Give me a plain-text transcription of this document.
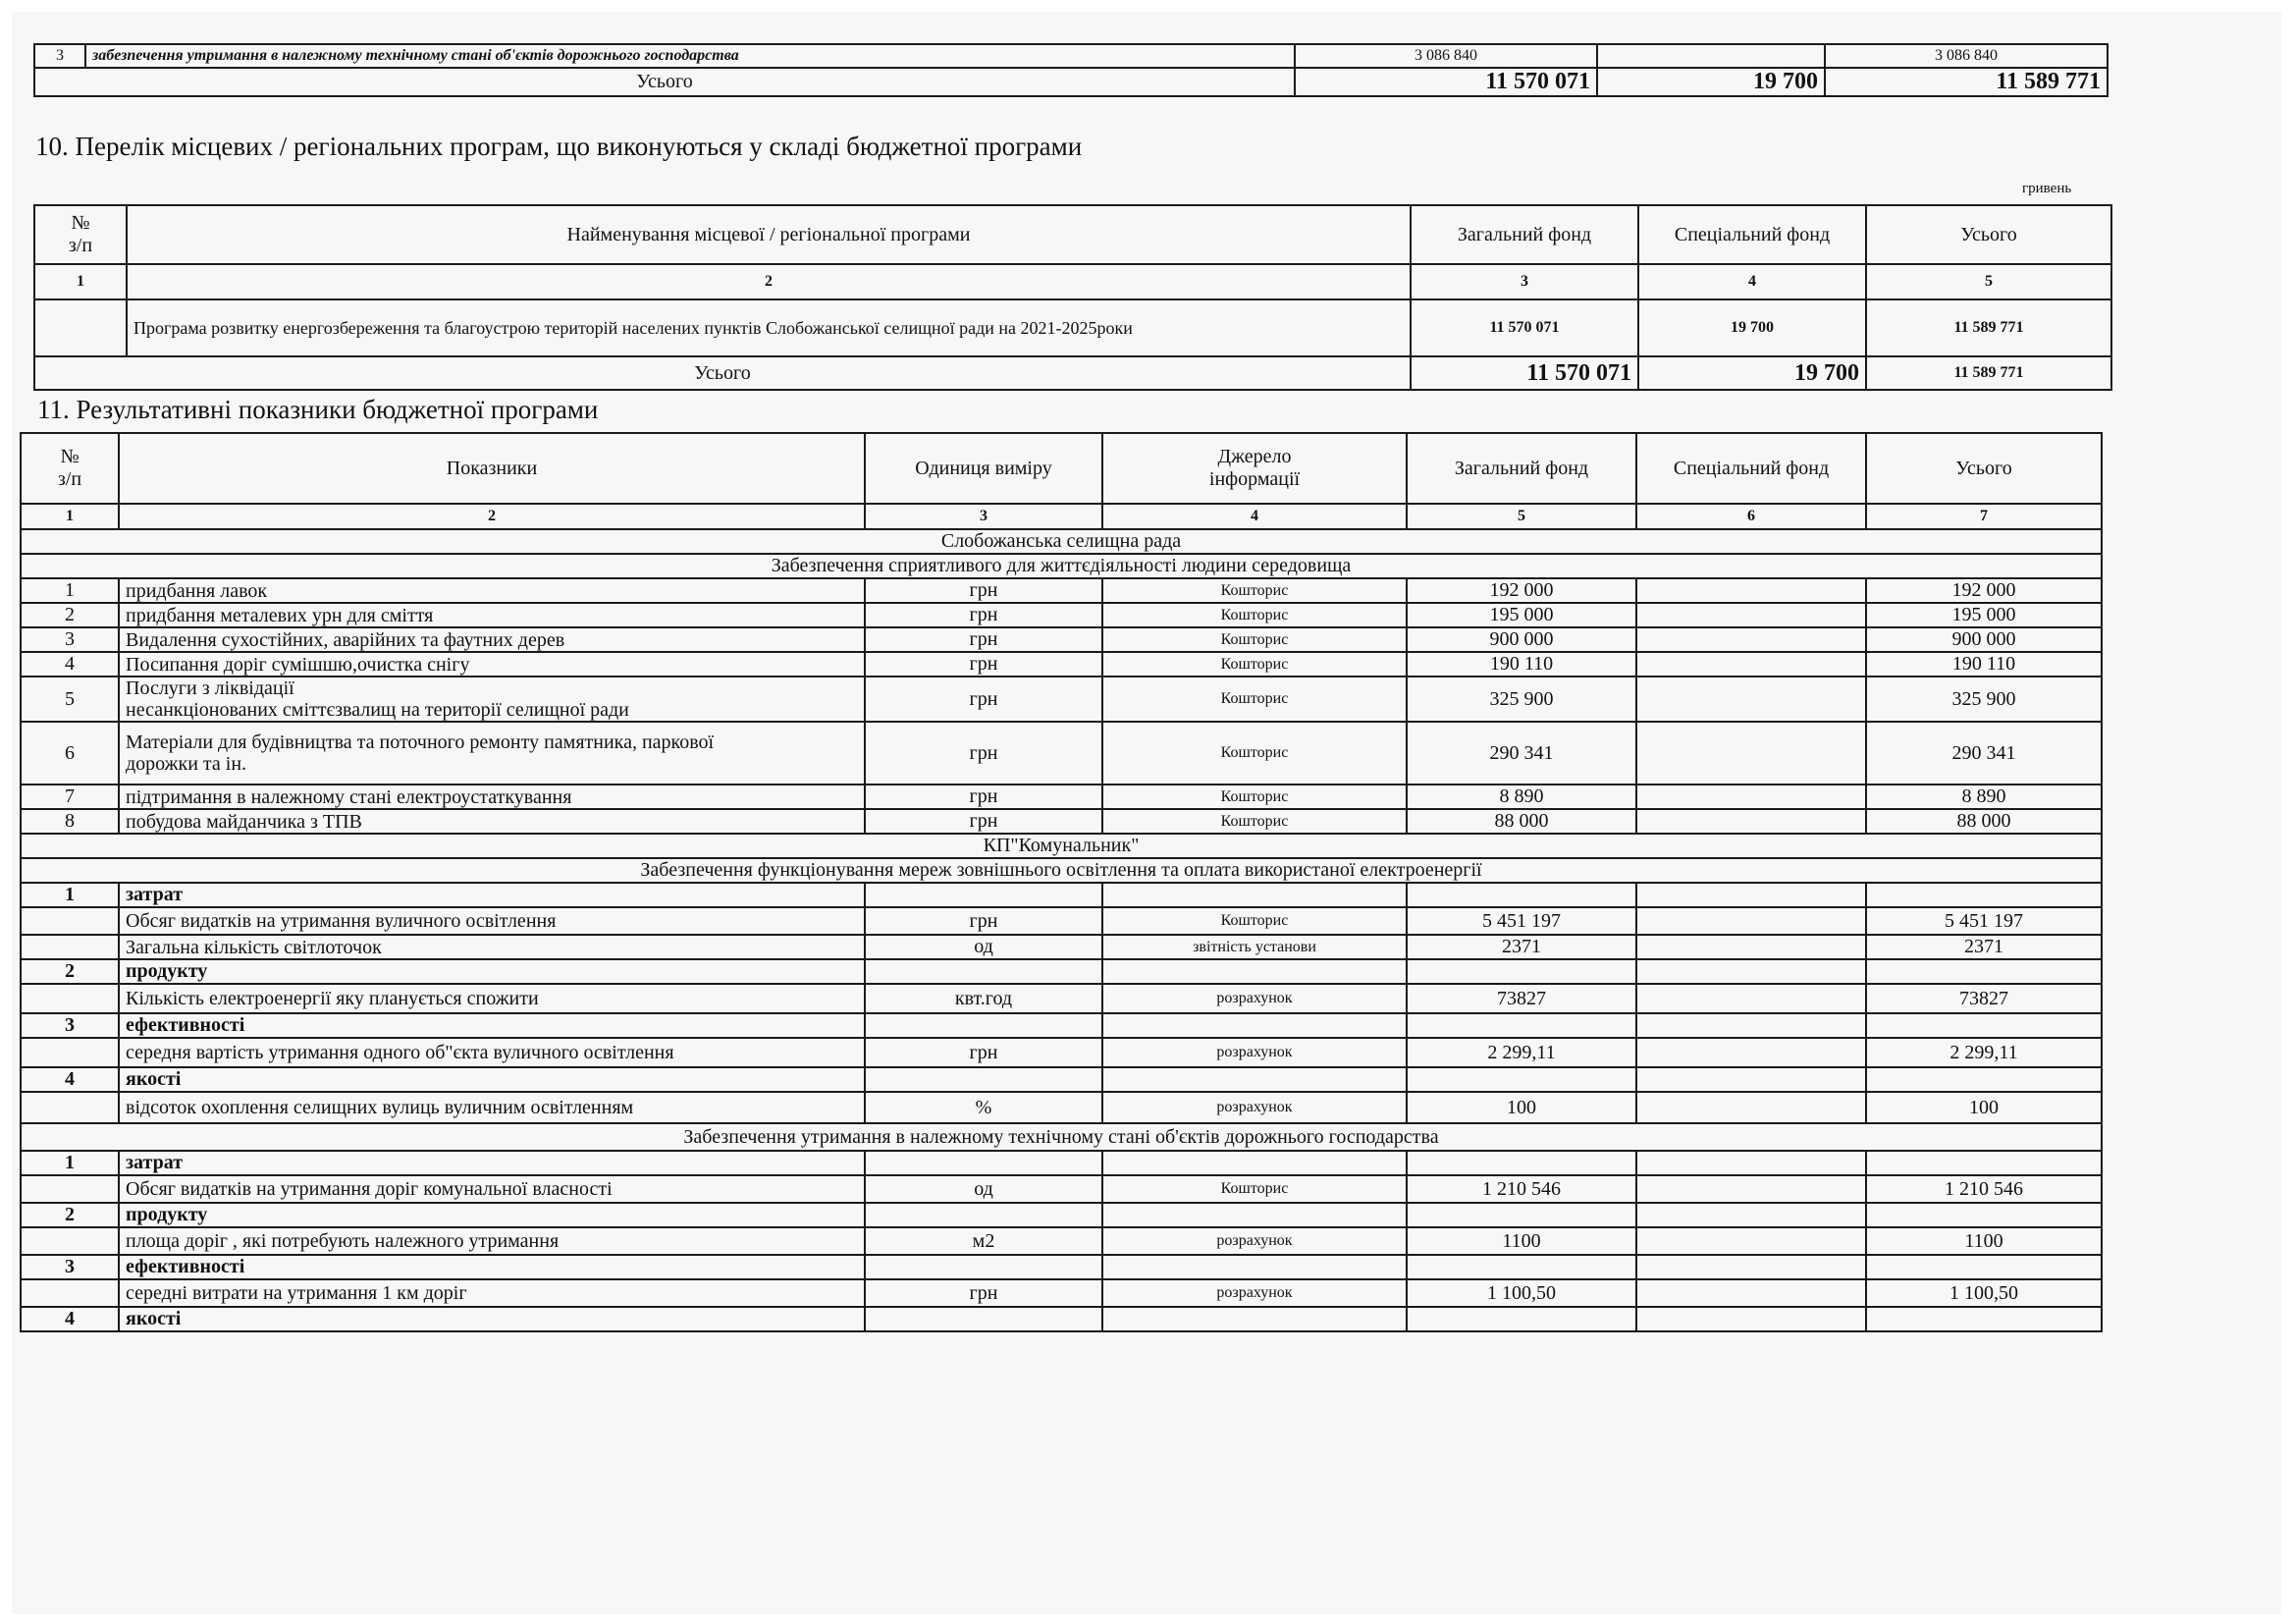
3	забезпечення утримання в належному технічному стані об'єктів дорожнього господарства	3 086 840		3 086 840
Усього		11 570 071	19 700	11 589 771
10. Перелік місцевих / регіональних програм, що виконуються у складі бюджетної програми
гривень
№
з/п	Найменування місцевої / регіональної програми	Загальний фонд	Спеціальний фонд	Усього
1	2	3	4	5
	Програма розвитку енергозбереження та благоустрою територій населених пунктів Слобожанської селищної ради на 2021-2025роки	11 570 071	19 700	11 589 771
Усього		11 570 071	19 700	11 589 771
11. Результативні показники бюджетної програми
№
з/п	Показники	Одиниця виміру	Джерело
інформації	Загальний фонд	Спеціальний фонд	Усього
1	2	3	4	5	6	7
Слобожанська селищна рада						
Забезпечення сприятливого для життєдіяльності людини середовища						
1	придбання лавок	грн	Кошторис	192 000		192 000
2	придбання металевих урн для сміття	грн	Кошторис	195 000		195 000
3	Видалення сухостійних, аварійних та фаутних дерев	грн	Кошторис	900 000		900 000
4	Посипання доріг сумішшю,очистка снігу	грн	Кошторис	190 110		190 110
5	Послуги з ліквідації
несанкціонованих сміттєзвалищ на території селищної ради	грн	Кошторис	325 900		325 900
6	Матеріали для будівництва та поточного ремонту памятника, паркової
дорожки та ін.	грн	Кошторис	290 341		290 341
7	підтримання в належному стані електроустаткування	грн	Кошторис	8 890		8 890
8	побудова майданчика з ТПВ	грн	Кошторис	88 000		88 000
КП"Комунальник"						
Забезпечення функціонування мереж зовнішнього освітлення та оплата використаної електроенергії						
1	затрат					
	Обсяг видатків на утримання вуличного освітлення	грн	Кошторис	5 451 197		5 451 197
	Загальна кількість світлоточок	од	звітність установи	2371		2371
2	продукту					
	Кількість електроенергії яку планується спожити	квт.год	розрахунок	73827		73827
3	ефективності					
	середня вартість утримання одного об"єкта вуличного освітлення	грн	розрахунок	2 299,11		2 299,11
4	якості					
	відсоток охоплення селищних вулиць вуличним освітленням	%	розрахунок	100		100
Забезпечення утримання в належному технічному стані об'єктів дорожнього господарства						
1	затрат					
	Обсяг видатків на утримання доріг комунальної власності	од	Кошторис	1 210 546		1 210 546
2	продукту					
	площа доріг , які потребують належного утримання	м2	розрахунок	1100		1100
3	ефективності					
	середні витрати на утримання 1 км доріг	грн	розрахунок	1 100,50		1 100,50
4	якості					
